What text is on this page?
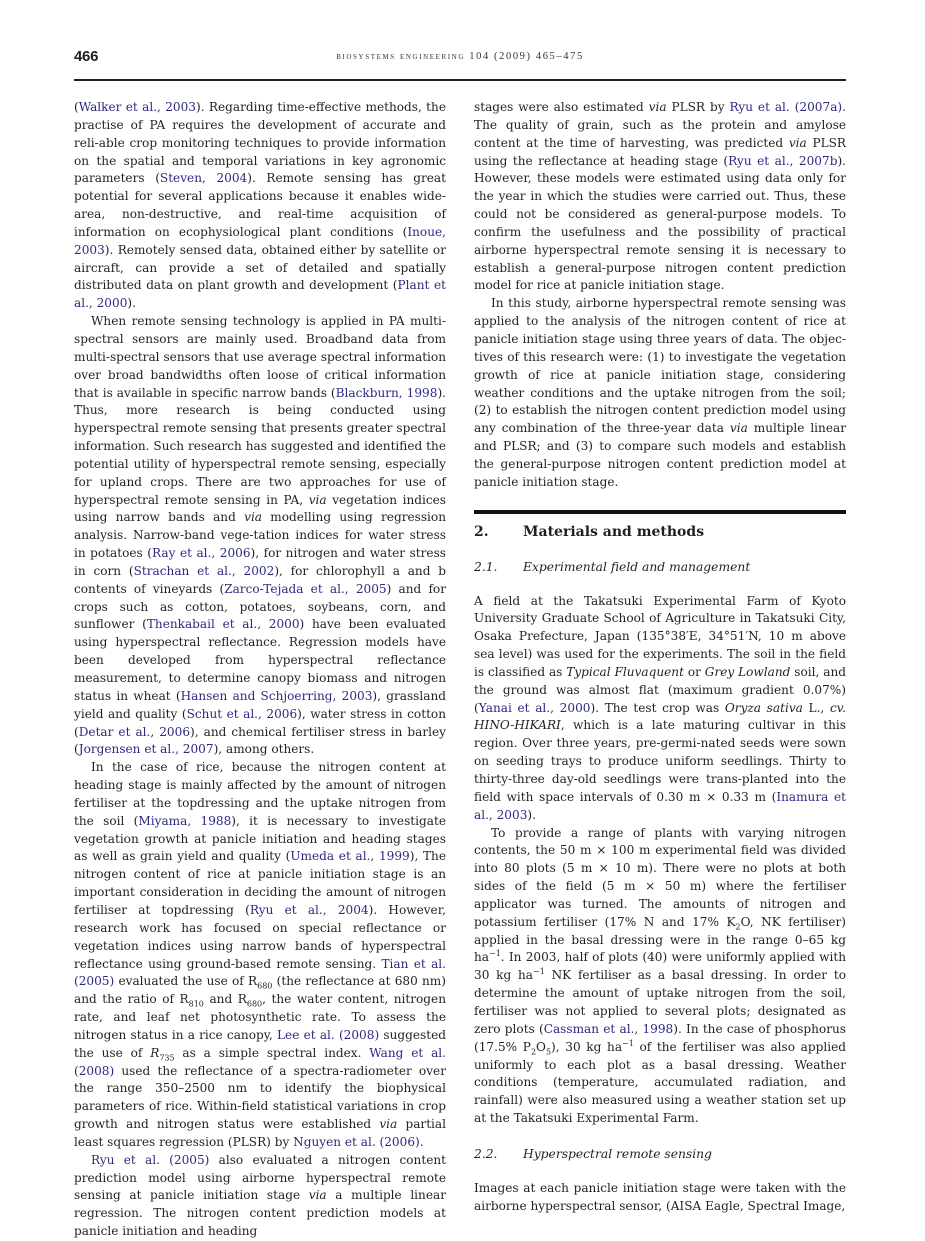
466	biosystems engineering 104 (2009) 465–475

(Walker et al., 2003). Regarding time-effective methods, the practise of PA requires the development of accurate and reli-able crop monitoring techniques to provide information on the spatial and temporal variations in key agronomic parameters (Steven, 2004). Remote sensing has great potential for several applications because it enables wide-area, non-destructive, and real-time acquisition of information on ecophysiological plant conditions (Inoue, 2003). Remotely sensed data, obtained either by satellite or aircraft, can provide a set of detailed and spatially distributed data on plant growth and development (Plant et al., 2000).

When remote sensing technology is applied in PA multi-spectral sensors are mainly used. Broadband data from multi-spectral sensors that use average spectral information over broad bandwidths often loose of critical information that is available in specific narrow bands (Blackburn, 1998). Thus, more research is being conducted using hyperspectral remote sensing that presents greater spectral information. Such research has suggested and identified the potential utility of hyperspectral remote sensing, especially for upland crops. There are two approaches for use of hyperspectral remote sensing in PA, via vegetation indices using narrow bands and via modelling using regression analysis. Narrow-band vege-tation indices for water stress in potatoes (Ray et al., 2006), for nitrogen and water stress in corn (Strachan et al., 2002), for chlorophyll a and b contents of vineyards (Zarco-Tejada et al., 2005) and for crops such as cotton, potatoes, soybeans, corn, and sunflower (Thenkabail et al., 2000) have been evaluated using hyperspectral reflectance. Regression models have been developed from hyperspectral reflectance measurement, to determine canopy biomass and nitrogen status in wheat (Hansen and Schjoerring, 2003), grassland yield and quality (Schut et al., 2006), water stress in cotton (Detar et al., 2006), and chemical fertiliser stress in barley (Jorgensen et al., 2007), among others.

In the case of rice, because the nitrogen content at heading stage is mainly affected by the amount of nitrogen fertiliser at the topdressing and the uptake nitrogen from the soil (Miyama, 1988), it is necessary to investigate vegetation growth at panicle initiation and heading stages as well as grain yield and quality (Umeda et al., 1999), The nitrogen content of rice at panicle initiation stage is an important consideration in deciding the amount of nitrogen fertiliser at topdressing (Ryu et al., 2004). However, research work has focused on special reflectance or vegetation indices using narrow bands of hyperspectral reflectance using ground-based remote sensing. Tian et al. (2005) evaluated the use of $R_{680}$ (the reflectance at 680 nm) and the ratio of $R_{810}$ and $R_{680}$, the water content, nitrogen rate, and leaf net photosynthetic rate. To assess the nitrogen status in a rice canopy, Lee et al. (2008) suggested the use of $R_{735}$ as a simple spectral index. Wang et al. (2008) used the reflectance of a spectra-radiometer over the range 350–2500 nm to identify the biophysical parameters of rice. Within-field statistical variations in crop growth and nitrogen status were established via partial least squares regression (PLSR) by Nguyen et al. (2006).

Ryu et al. (2005) also evaluated a nitrogen content prediction model using airborne hyperspectral remote sensing at panicle initiation stage via a multiple linear regression. The nitrogen content prediction models at panicle initiation and heading

stages were also estimated via PLSR by Ryu et al. (2007a). The quality of grain, such as the protein and amylose content at the time of harvesting, was predicted via PLSR using the reflectance at heading stage (Ryu et al., 2007b). However, these models were estimated using data only for the year in which the studies were carried out. Thus, these could not be considered as general-purpose models. To confirm the usefulness and the possibility of practical airborne hyperspectral remote sensing it is necessary to establish a general-purpose nitrogen content prediction model for rice at panicle initiation stage.

In this study, airborne hyperspectral remote sensing was applied to the analysis of the nitrogen content of rice at panicle initiation stage using three years of data. The objec-tives of this research were: (1) to investigate the vegetation growth of rice at panicle initiation stage, considering weather conditions and the uptake nitrogen from the soil; (2) to establish the nitrogen content prediction model using any combination of the three-year data via multiple linear and PLSR; and (3) to compare such models and establish the general-purpose nitrogen content prediction model at panicle initiation stage.

2.	Materials and methods
2.1.	Experimental field and management

A field at the Takatsuki Experimental Farm of Kyoto University Graduate School of Agriculture in Takatsuki City, Osaka Prefecture, Japan (135°38′E, 34°51′N, 10 m above sea level) was used for the experiments. The soil in the field is classified as Typical Fluvaquent or Grey Lowland soil, and the ground was almost flat (maximum gradient 0.07%) (Yanai et al., 2000). The test crop was Oryza sativa L., cv. HINO-HIKARI, which is a late maturing cultivar in this region. Over three years, pre-germi-nated seeds were sown on seeding trays to produce uniform seedlings. Thirty to thirty-three day-old seedlings were trans-planted into the field with space intervals of 0.30 m × 0.33 m (Inamura et al., 2003).

To provide a range of plants with varying nitrogen contents, the 50 m × 100 m experimental field was divided into 80 plots (5 m × 10 m). There were no plots at both sides of the field (5 m × 50 m) where the fertiliser applicator was turned. The amounts of nitrogen and potassium fertiliser (17% N and 17% $K_2O$, NK fertiliser) applied in the basal dressing were in the range 0–65 kg $ha^{-1}$. In 2003, half of plots (40) were uniformly applied with 30 kg $ha^{-1}$ NK fertiliser as a basal dressing. In order to determine the amount of uptake nitrogen from the soil, fertiliser was not applied to several plots; designated as zero plots (Cassman et al., 1998). In the case of phosphorus (17.5% $P_2O_5$), 30 kg $ha^{-1}$ of the fertiliser was also applied uniformly to each plot as a basal dressing. Weather conditions (temperature, accumulated radiation, and rainfall) were also measured using a weather station set up at the Takatsuki Experimental Farm.

2.2.	Hyperspectral remote sensing

Images at each panicle initiation stage were taken with the airborne hyperspectral sensor, (AISA Eagle, Spectral Image,
